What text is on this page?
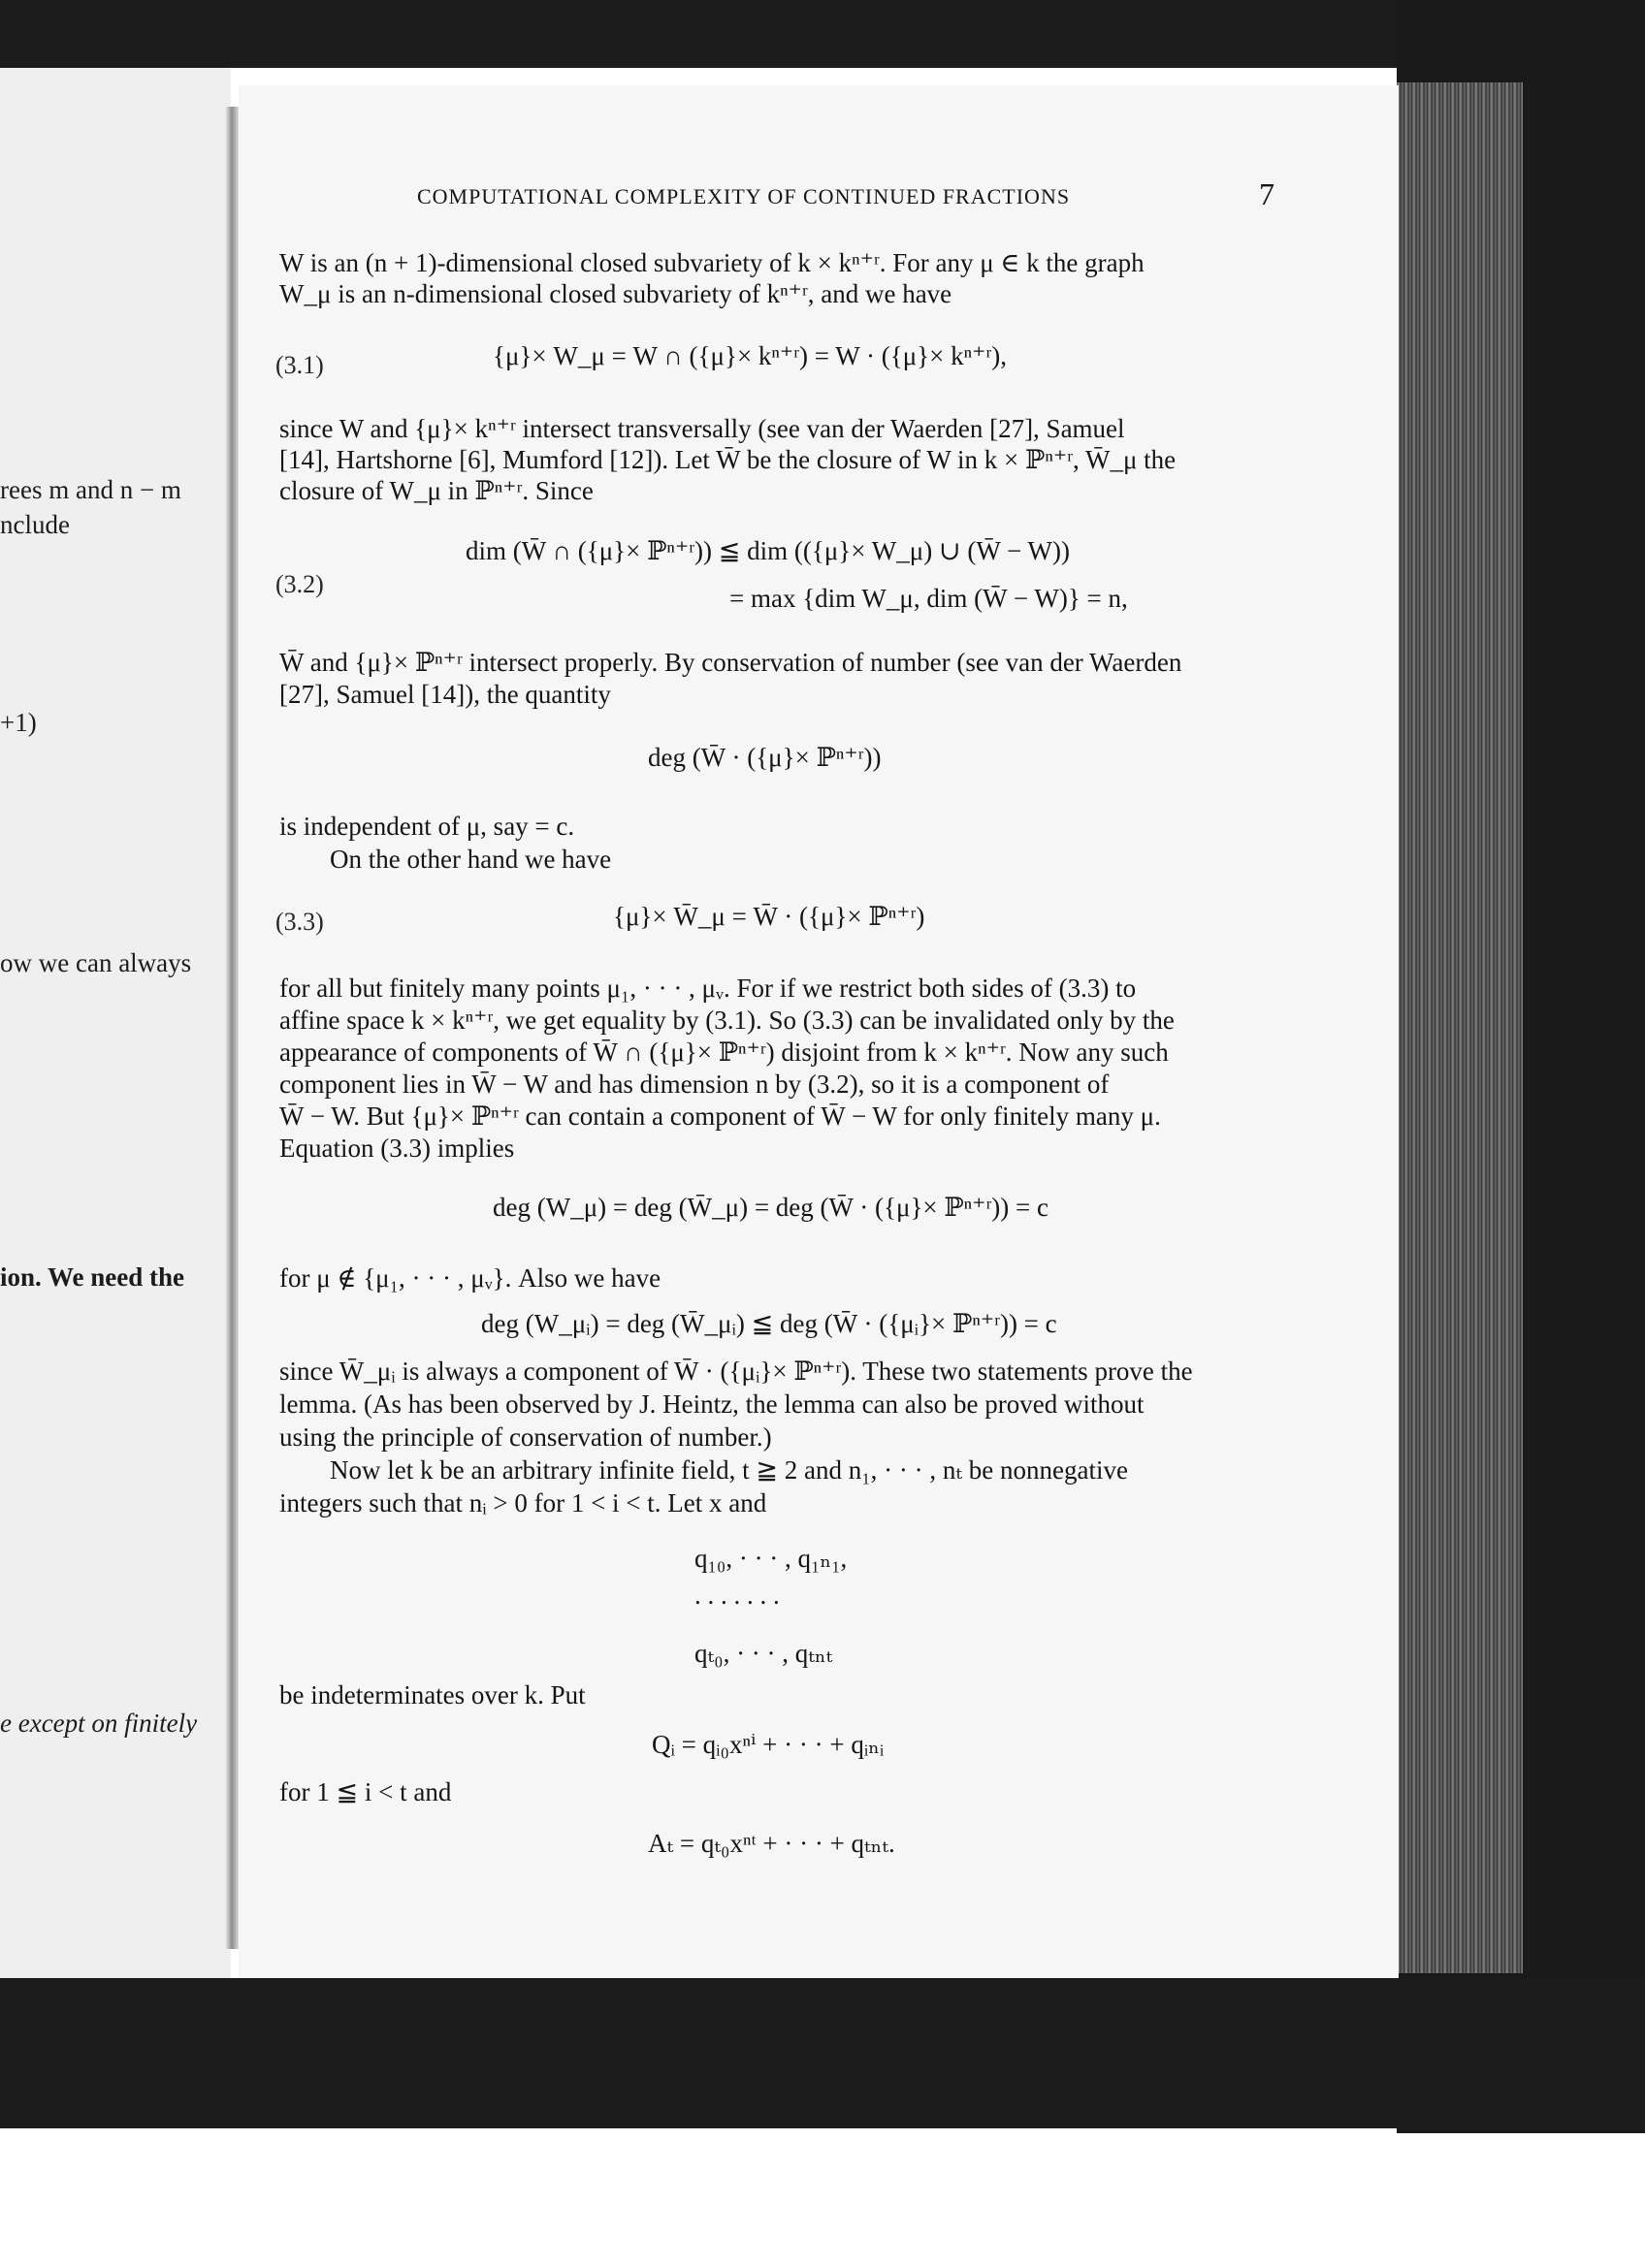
rees m and n − m
nclude
+1)
ow we can always
ion. We need the
e except on finitely
COMPUTATIONAL COMPLEXITY OF CONTINUED FRACTIONS	7
W is an (n + 1)-dimensional closed subvariety of k × kⁿ⁺ʳ. For any μ ∈ k the graph
W_μ is an n-dimensional closed subvariety of kⁿ⁺ʳ, and we have
(3.1)	{μ}× W_μ = W ∩ ({μ}× kⁿ⁺ʳ) = W · ({μ}× kⁿ⁺ʳ),
since W and {μ}× kⁿ⁺ʳ intersect transversally (see van der Waerden [27], Samuel
[14], Hartshorne [6], Mumford [12]). Let W̄ be the closure of W in k × ℙⁿ⁺ʳ, W̄_μ the
closure of W_μ in ℙⁿ⁺ʳ. Since
(3.2)
dim (W̄ ∩ ({μ}× ℙⁿ⁺ʳ)) ≦ dim (({μ}× W_μ) ∪ (W̄ − W))
= max {dim W_μ, dim (W̄ − W)} = n,
W̄ and {μ}× ℙⁿ⁺ʳ intersect properly. By conservation of number (see van der Waerden
[27], Samuel [14]), the quantity
deg (W̄ · ({μ}× ℙⁿ⁺ʳ))
is independent of μ, say = c.
On the other hand we have
(3.3)	{μ}× W̄_μ = W̄ · ({μ}× ℙⁿ⁺ʳ)
for all but finitely many points μ₁, · · · , μᵥ. For if we restrict both sides of (3.3) to
affine space k × kⁿ⁺ʳ, we get equality by (3.1). So (3.3) can be invalidated only by the
appearance of components of W̄ ∩ ({μ}× ℙⁿ⁺ʳ) disjoint from k × kⁿ⁺ʳ. Now any such
component lies in W̄ − W and has dimension n by (3.2), so it is a component of
W̄ − W. But {μ}× ℙⁿ⁺ʳ can contain a component of W̄ − W for only finitely many μ.
Equation (3.3) implies
deg (W_μ) = deg (W̄_μ) = deg (W̄ · ({μ}× ℙⁿ⁺ʳ)) = c
for μ ∉ {μ₁, · · · , μᵥ}. Also we have
deg (W_μᵢ) = deg (W̄_μᵢ) ≦ deg (W̄ · ({μᵢ}× ℙⁿ⁺ʳ)) = c
since W̄_μᵢ is always a component of W̄ · ({μᵢ}× ℙⁿ⁺ʳ). These two statements prove the
lemma. (As has been observed by J. Heintz, the lemma can also be proved without
using the principle of conservation of number.)
Now let k be an arbitrary infinite field, t ≧ 2 and n₁, · · · , nₜ be nonnegative
integers such that nᵢ > 0 for 1 < i < t. Let x and
q₁₀, · · · , q₁ₙ₁,
. . . . . . .
qₜ₀, · · · , qₜₙₜ
be indeterminates over k. Put
Qᵢ = qᵢ₀xⁿⁱ + · · · + qᵢₙᵢ
for 1 ≦ i < t and
Aₜ = qₜ₀xⁿᵗ + · · · + qₜₙₜ.
